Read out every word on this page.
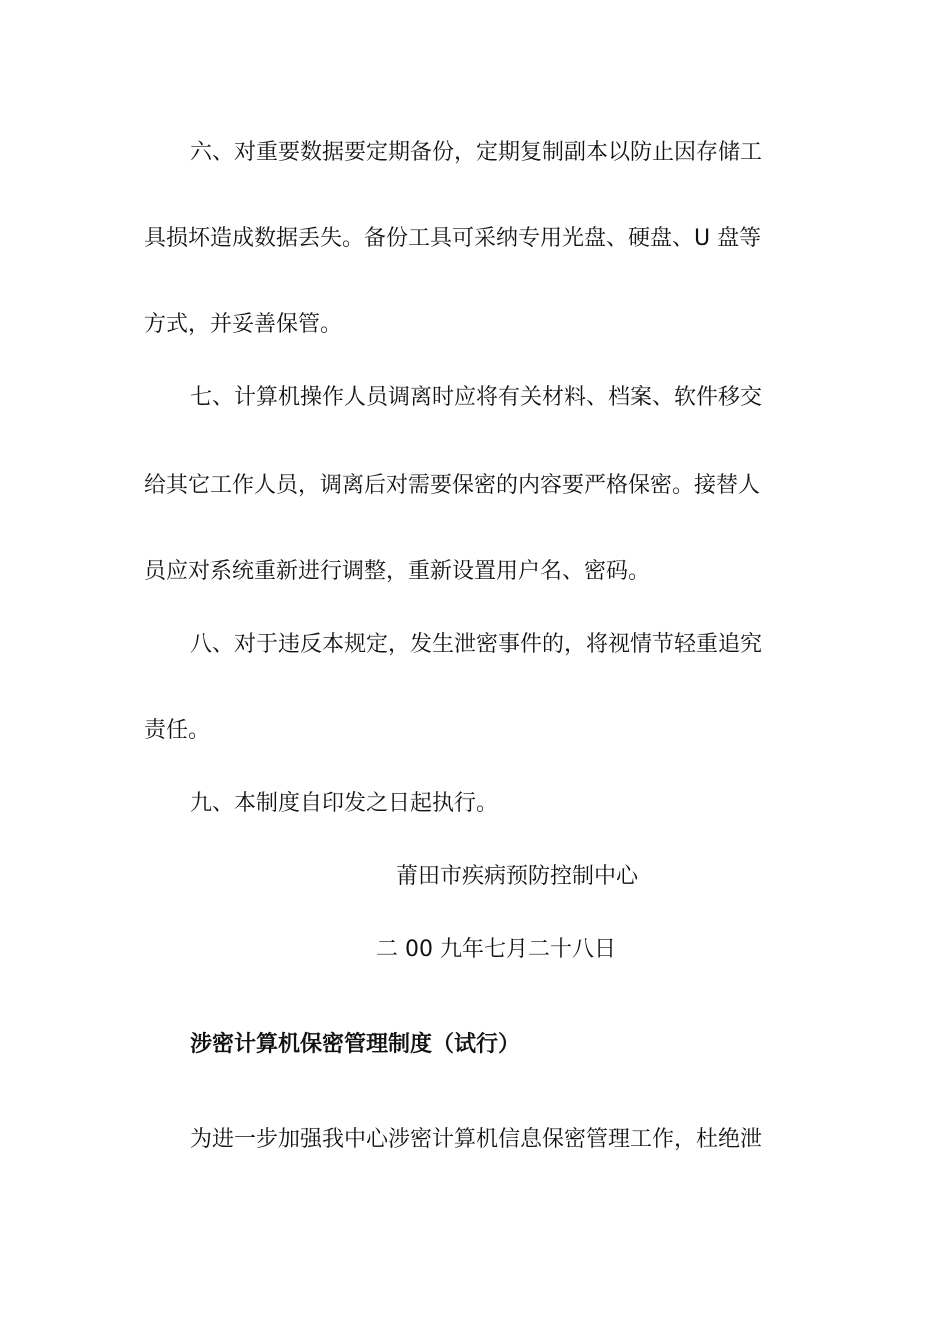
六、对重要数据要定期备份，定期复制副本以防止因存储工

具损坏造成数据丢失。备份工具可采纳专用光盘、硬盘、U 盘等

方式，并妥善保管。

七、计算机操作人员调离时应将有关材料、档案、软件移交

给其它工作人员，调离后对需要保密的内容要严格保密。接替人

员应对系统重新进行调整，重新设置用户名、密码。

八、对于违反本规定，发生泄密事件的，将视情节轻重追究

责任。

九、本制度自印发之日起执行。

莆田市疾病预防控制中心

二 00 九年七月二十八日

涉密计算机保密管理制度（试行）

为进一步加强我中心涉密计算机信息保密管理工作，杜绝泄
